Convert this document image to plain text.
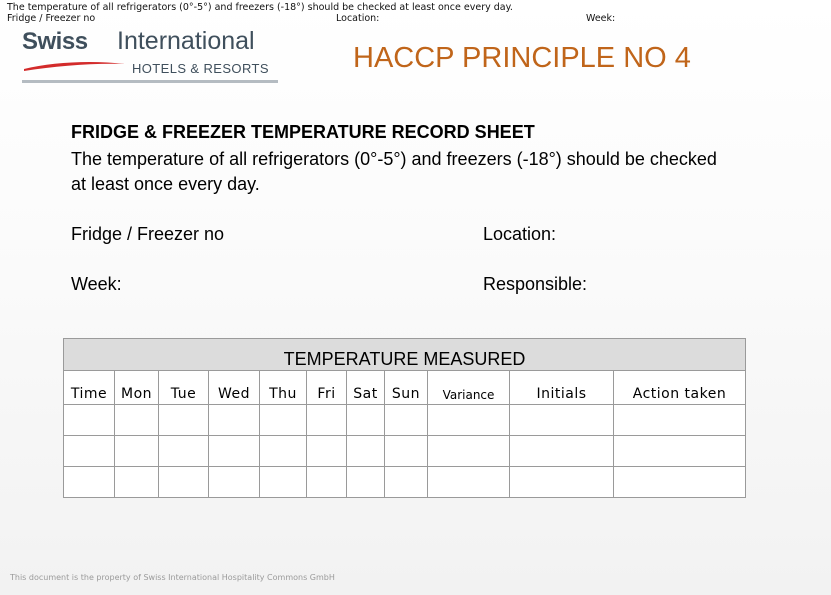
The temperature of all refrigerators (0°-5°) and freezers (-18°) should be checked at least once every day.
Fridge / Freezer no	Location:	Week:
Swiss International
HOTELS & RESORTS	HACCP PRINCIPLE NO 4
FRIDGE & FREEZER TEMPERATURE RECORD SHEET
The temperature of all refrigerators (0°-5°) and freezers (-18°) should be checked at least once every day.
Fridge / Freezer no	Location:
Week:	Responsible:
TEMPERATURE MEASURED										
Time	Mon	Tue	Wed	Thu	Fri	Sat	Sun	Variance	Initials	Action taken

This document is the property of Swiss International Hospitality Commons GmbH
